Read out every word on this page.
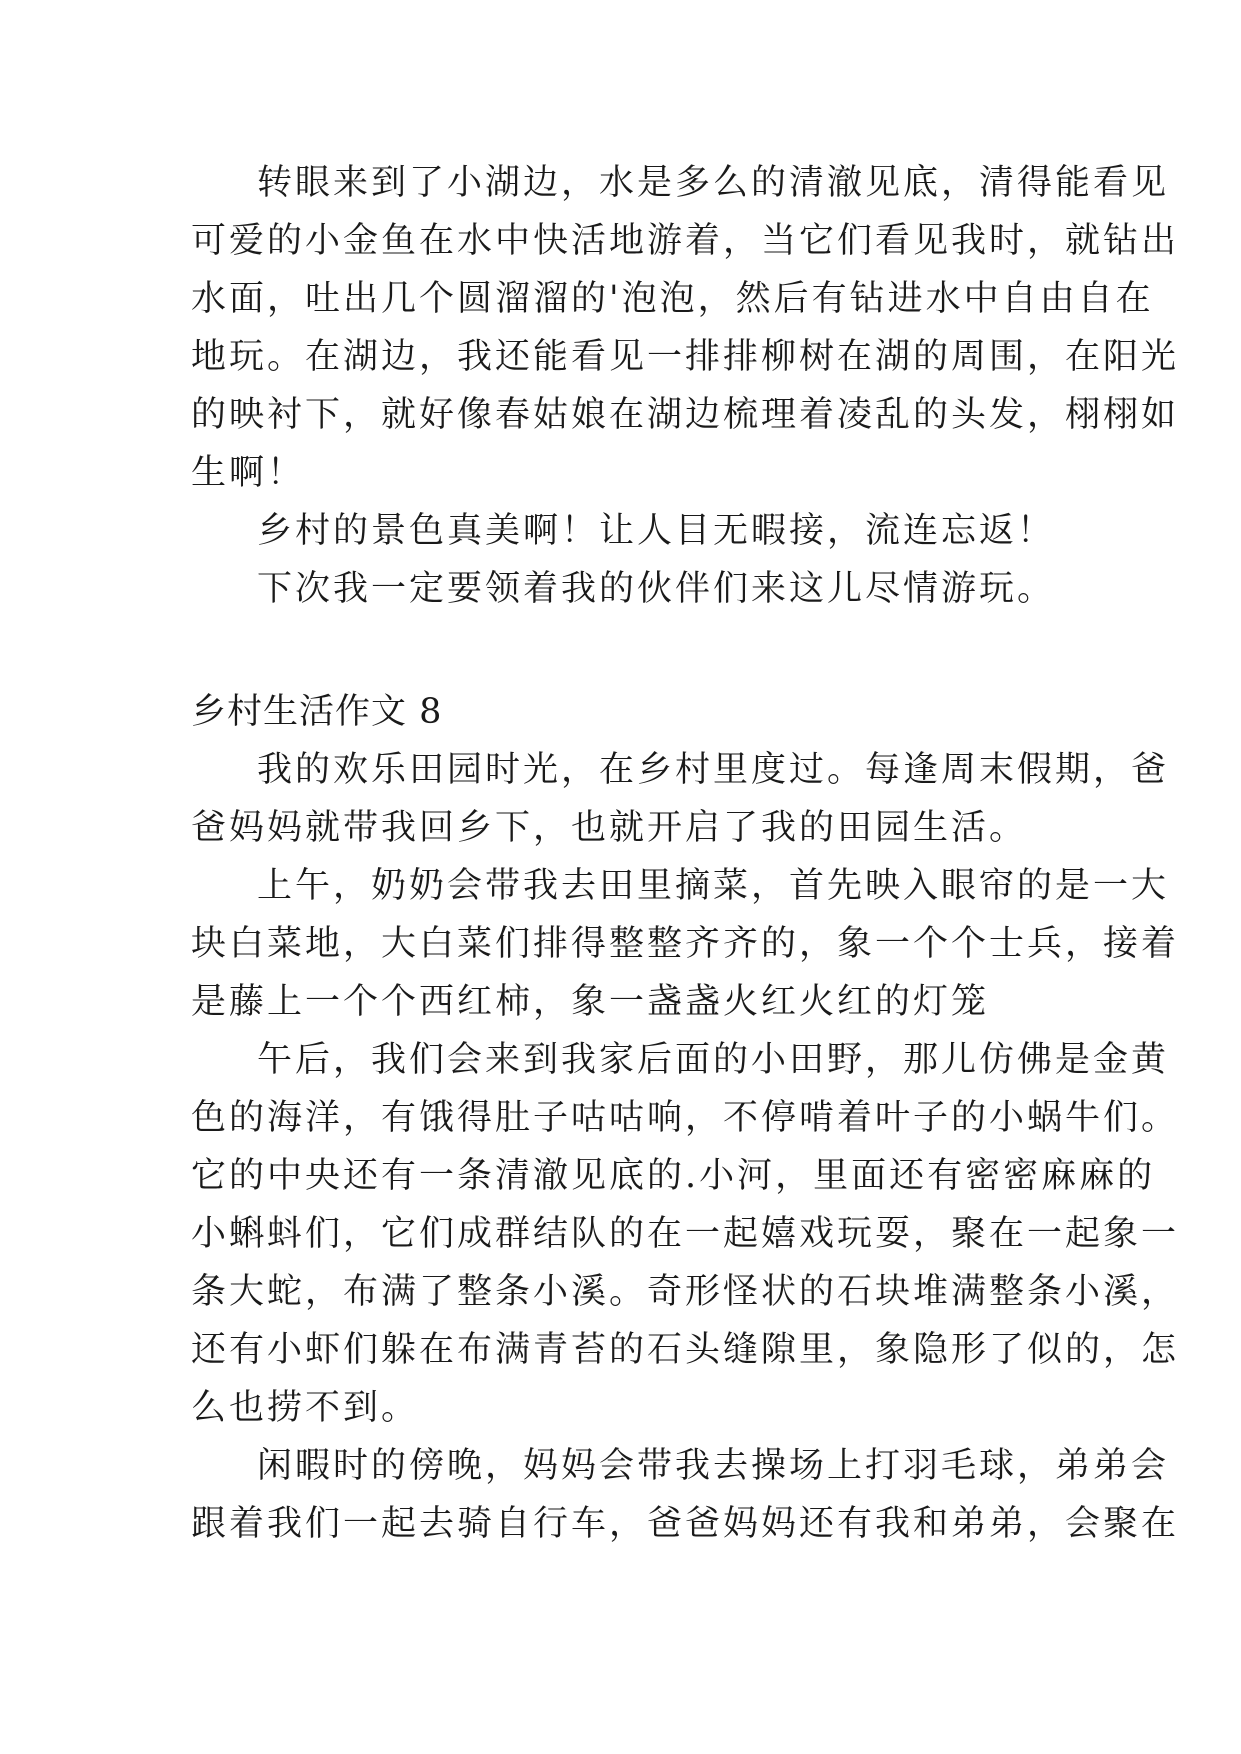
转眼来到了小湖边，水是多么的清澈见底，清得能看见
可爱的小金鱼在水中快活地游着，当它们看见我时，就钻出
水面，吐出几个圆溜溜的'泡泡，然后有钻进水中自由自在
地玩。在湖边，我还能看见一排排柳树在湖的周围，在阳光
的映衬下，就好像春姑娘在湖边梳理着凌乱的头发，栩栩如
生啊！
乡村的景色真美啊！让人目无暇接，流连忘返！
下次我一定要领着我的伙伴们来这儿尽情游玩。
乡村生活作文 8
我的欢乐田园时光，在乡村里度过。每逢周末假期，爸
爸妈妈就带我回乡下，也就开启了我的田园生活。
上午，奶奶会带我去田里摘菜，首先映入眼帘的是一大
块白菜地，大白菜们排得整整齐齐的，象一个个士兵，接着
是藤上一个个西红柿，象一盏盏火红火红的灯笼
午后，我们会来到我家后面的小田野，那儿仿佛是金黄
色的海洋，有饿得肚子咕咕响，不停啃着叶子的小蜗牛们。
它的中央还有一条清澈见底的.小河，里面还有密密麻麻的
小蝌蚪们，它们成群结队的在一起嬉戏玩耍，聚在一起象一
条大蛇，布满了整条小溪。奇形怪状的石块堆满整条小溪，
还有小虾们躲在布满青苔的石头缝隙里，象隐形了似的，怎
么也捞不到。
闲暇时的傍晚，妈妈会带我去操场上打羽毛球，弟弟会
跟着我们一起去骑自行车，爸爸妈妈还有我和弟弟，会聚在
